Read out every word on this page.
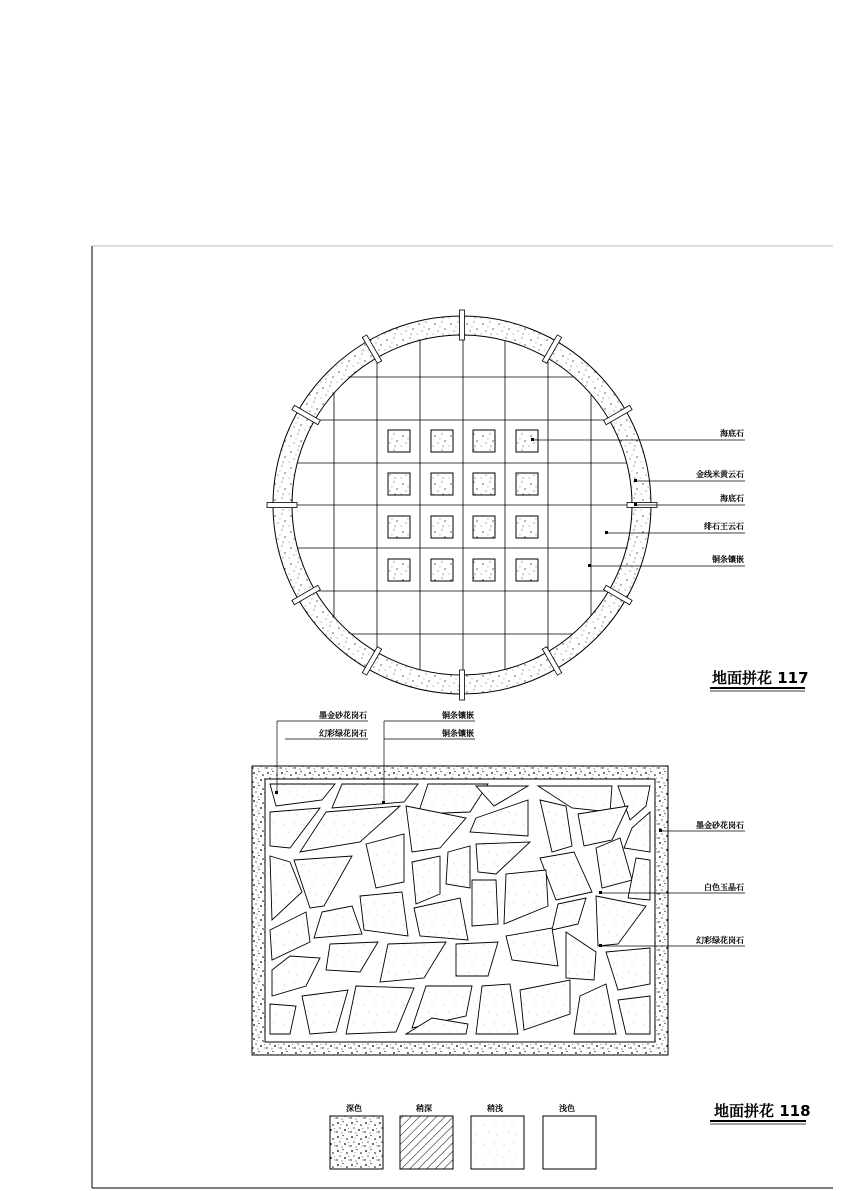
海底石
金线米黄云石
海底石
绯石王云石
铜条镶嵌
地面拼花 117
墨金砂花岗石
幻彩绿花岗石
铜条镶嵌
铜条镶嵌
墨金砂花岗石
白色玉晶石
幻彩绿花岗石
地面拼花 118
深色	稍深	稍浅	浅色
